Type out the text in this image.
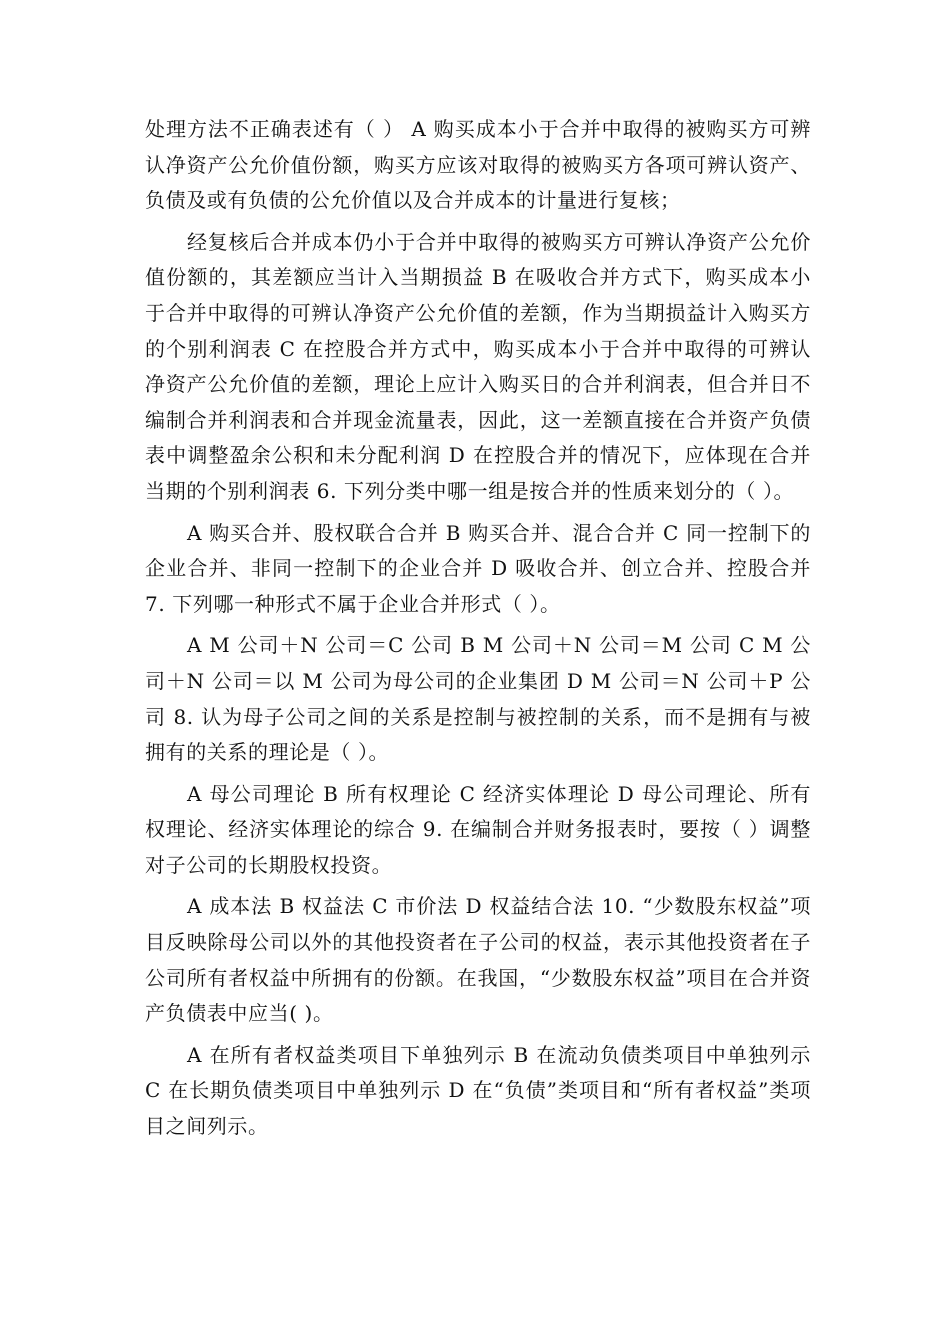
处理方法不正确表述有（ ） A 购买成本小于合并中取得的被购买方可辨认净资产公允价值份额，购买方应该对取得的被购买方各项可辨认资产、负债及或有负债的公允价值以及合并成本的计量进行复核；

经复核后合并成本仍小于合并中取得的被购买方可辨认净资产公允价值份额的，其差额应当计入当期损益 B 在吸收合并方式下，购买成本小于合并中取得的可辨认净资产公允价值的差额，作为当期损益计入购买方的个别利润表 C 在控股合并方式中，购买成本小于合并中取得的可辨认净资产公允价值的差额，理论上应计入购买日的合并利润表，但合并日不编制合并利润表和合并现金流量表，因此，这一差额直接在合并资产负债表中调整盈余公积和未分配利润 D 在控股合并的情况下，应体现在合并当期的个别利润表 6. 下列分类中哪一组是按合并的性质来划分的（ ）。

A 购买合并、股权联合合并 B 购买合并、混合合并 C 同一控制下的企业合并、非同一控制下的企业合并 D 吸收合并、创立合并、控股合并 7. 下列哪一种形式不属于企业合并形式（ ）。

A M 公司＋N 公司＝C 公司 B M 公司＋N 公司＝M 公司 C M 公司＋N 公司＝以 M 公司为母公司的企业集团 D M 公司＝N 公司＋P 公司 8. 认为母子公司之间的关系是控制与被控制的关系，而不是拥有与被拥有的关系的理论是（ ）。

A 母公司理论 B 所有权理论 C 经济实体理论 D 母公司理论、所有权理论、经济实体理论的综合 9. 在编制合并财务报表时，要按（ ）调整对子公司的长期股权投资。

A 成本法 B 权益法 C 市价法 D 权益结合法 10. “少数股东权益”项目反映除母公司以外的其他投资者在子公司的权益，表示其他投资者在子公司所有者权益中所拥有的份额。在我国，“少数股东权益”项目在合并资产负债表中应当( )。

A 在所有者权益类项目下单独列示 B 在流动负债类项目中单独列示 C 在长期负债类项目中单独列示 D 在“负债”类项目和“所有者权益”类项目之间列示。
